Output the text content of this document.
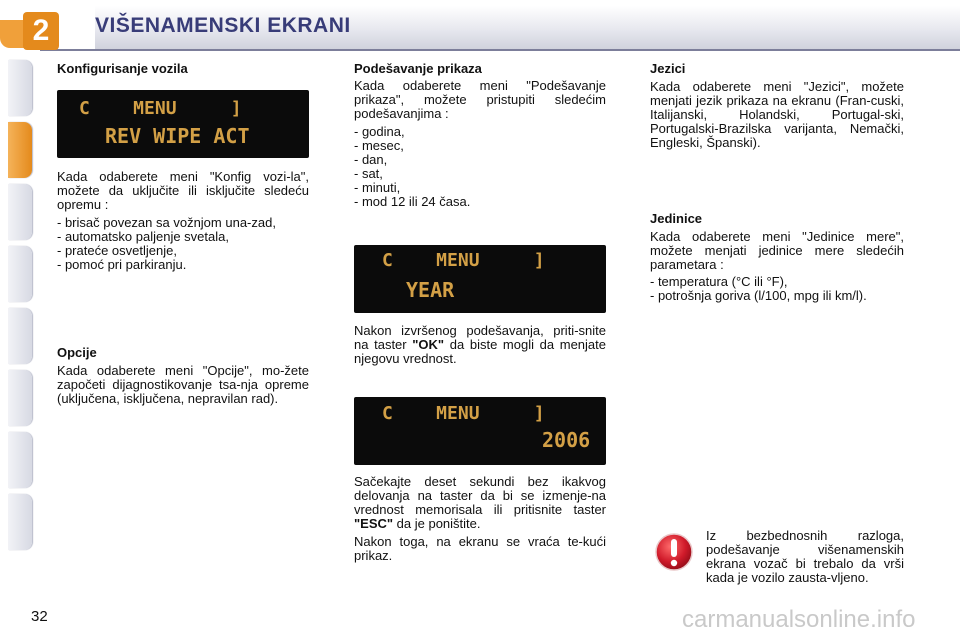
2	VIŠENAMENSKI EKRANI
Konfigurisanje vozila
C    MENU     ]
REV WIPE ACT

Kada odaberete meni "Konfig vozi-la", možete da uključite ili isključite sledeću opremu :

- brisač povezan sa vožnjom una-zad,
- automatsko paljenje svetala,
- prateće osvetljenje,
- pomoć pri parkiranju.
Opcije

Kada odaberete meni "Opcije", mo-žete započeti dijagnostikovanje tsa-nja opreme (uključena, isključena, nepravilan rad).

Podešavanje prikaza

Kada odaberete meni "Podešavanje prikaza", možete pristupiti sledećim podešavanjima :

- godina,
- mesec,
- dan,
- sat,
- minuti,
- mod 12 ili 24 časa.
C    MENU     ]
YEAR

Nakon izvršenog podešavanja, priti-snite na taster "OK" da biste mogli da menjate njegovu vrednost.

C    MENU     ]
2006

Sačekajte deset sekundi bez ikakvog delovanja na taster da bi se izmenje-na vrednost memorisala ili pritisnite taster "ESC" da je poništite.

Nakon toga, na ekranu se vraća te-kući prikaz.

Jezici

Kada odaberete meni "Jezici", možete menjati jezik prikaza na ekranu (Fran-cuski, Italijanski, Holandski, Portugal-ski, Portugalski-Brazilska varijanta, Nemački, Engleski, Španski).

Jedinice

Kada odaberete meni "Jedinice mere", možete menjati jedinice mere sledećih parametara :

- temperatura (°C ili °F),
- potrošnja goriva (l/100, mpg ili km/l).

Iz bezbednosnih razloga, podešavanje višenamenskih ekrana vozač bi trebalo da vrši kada je vozilo zausta-vljeno.

32	carmanualsonline.info
